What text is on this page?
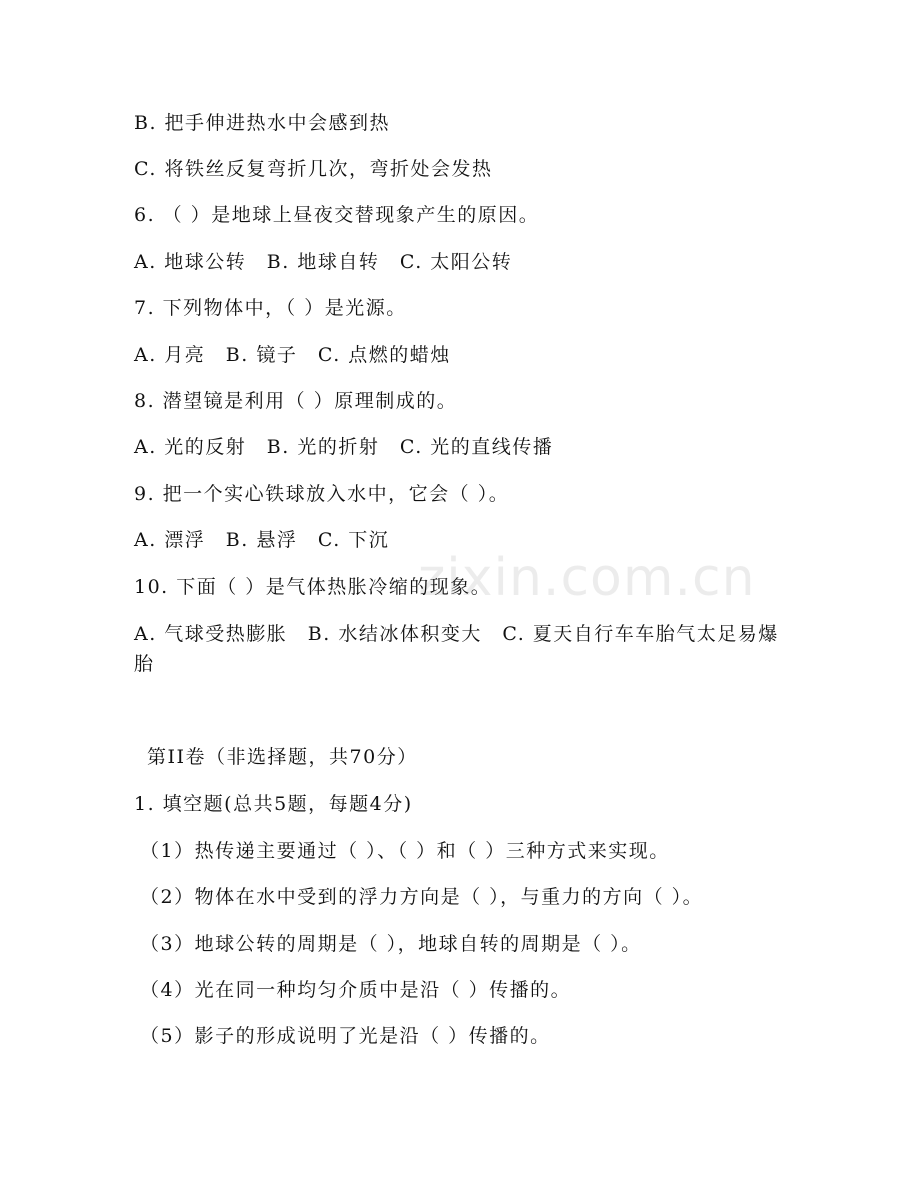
zixin.com.cn
B. 把手伸进热水中会感到热
C. 将铁丝反复弯折几次，弯折处会发热
6. （ ）是地球上昼夜交替现象产生的原因。
A. 地球公转　B. 地球自转　C. 太阳公转
7. 下列物体中，（ ）是光源。
A. 月亮　B. 镜子　C. 点燃的蜡烛
8. 潜望镜是利用（ ）原理制成的。
A. 光的反射　B. 光的折射　C. 光的直线传播
9. 把一个实心铁球放入水中，它会（ ）。
A. 漂浮　B. 悬浮　C. 下沉
10. 下面（ ）是气体热胀冷缩的现象。
A. 气球受热膨胀　B. 水结冰体积变大　C. 夏天自行车车胎气太足易爆胎
第II卷（非选择题，共70分）
1. 填空题(总共5题，每题4分)
（1）热传递主要通过（ ）、（ ）和（ ）三种方式来实现。
（2）物体在水中受到的浮力方向是（ ），与重力的方向（ ）。
（3）地球公转的周期是（ ），地球自转的周期是（ ）。
（4）光在同一种均匀介质中是沿（ ）传播的。
（5）影子的形成说明了光是沿（ ）传播的。
